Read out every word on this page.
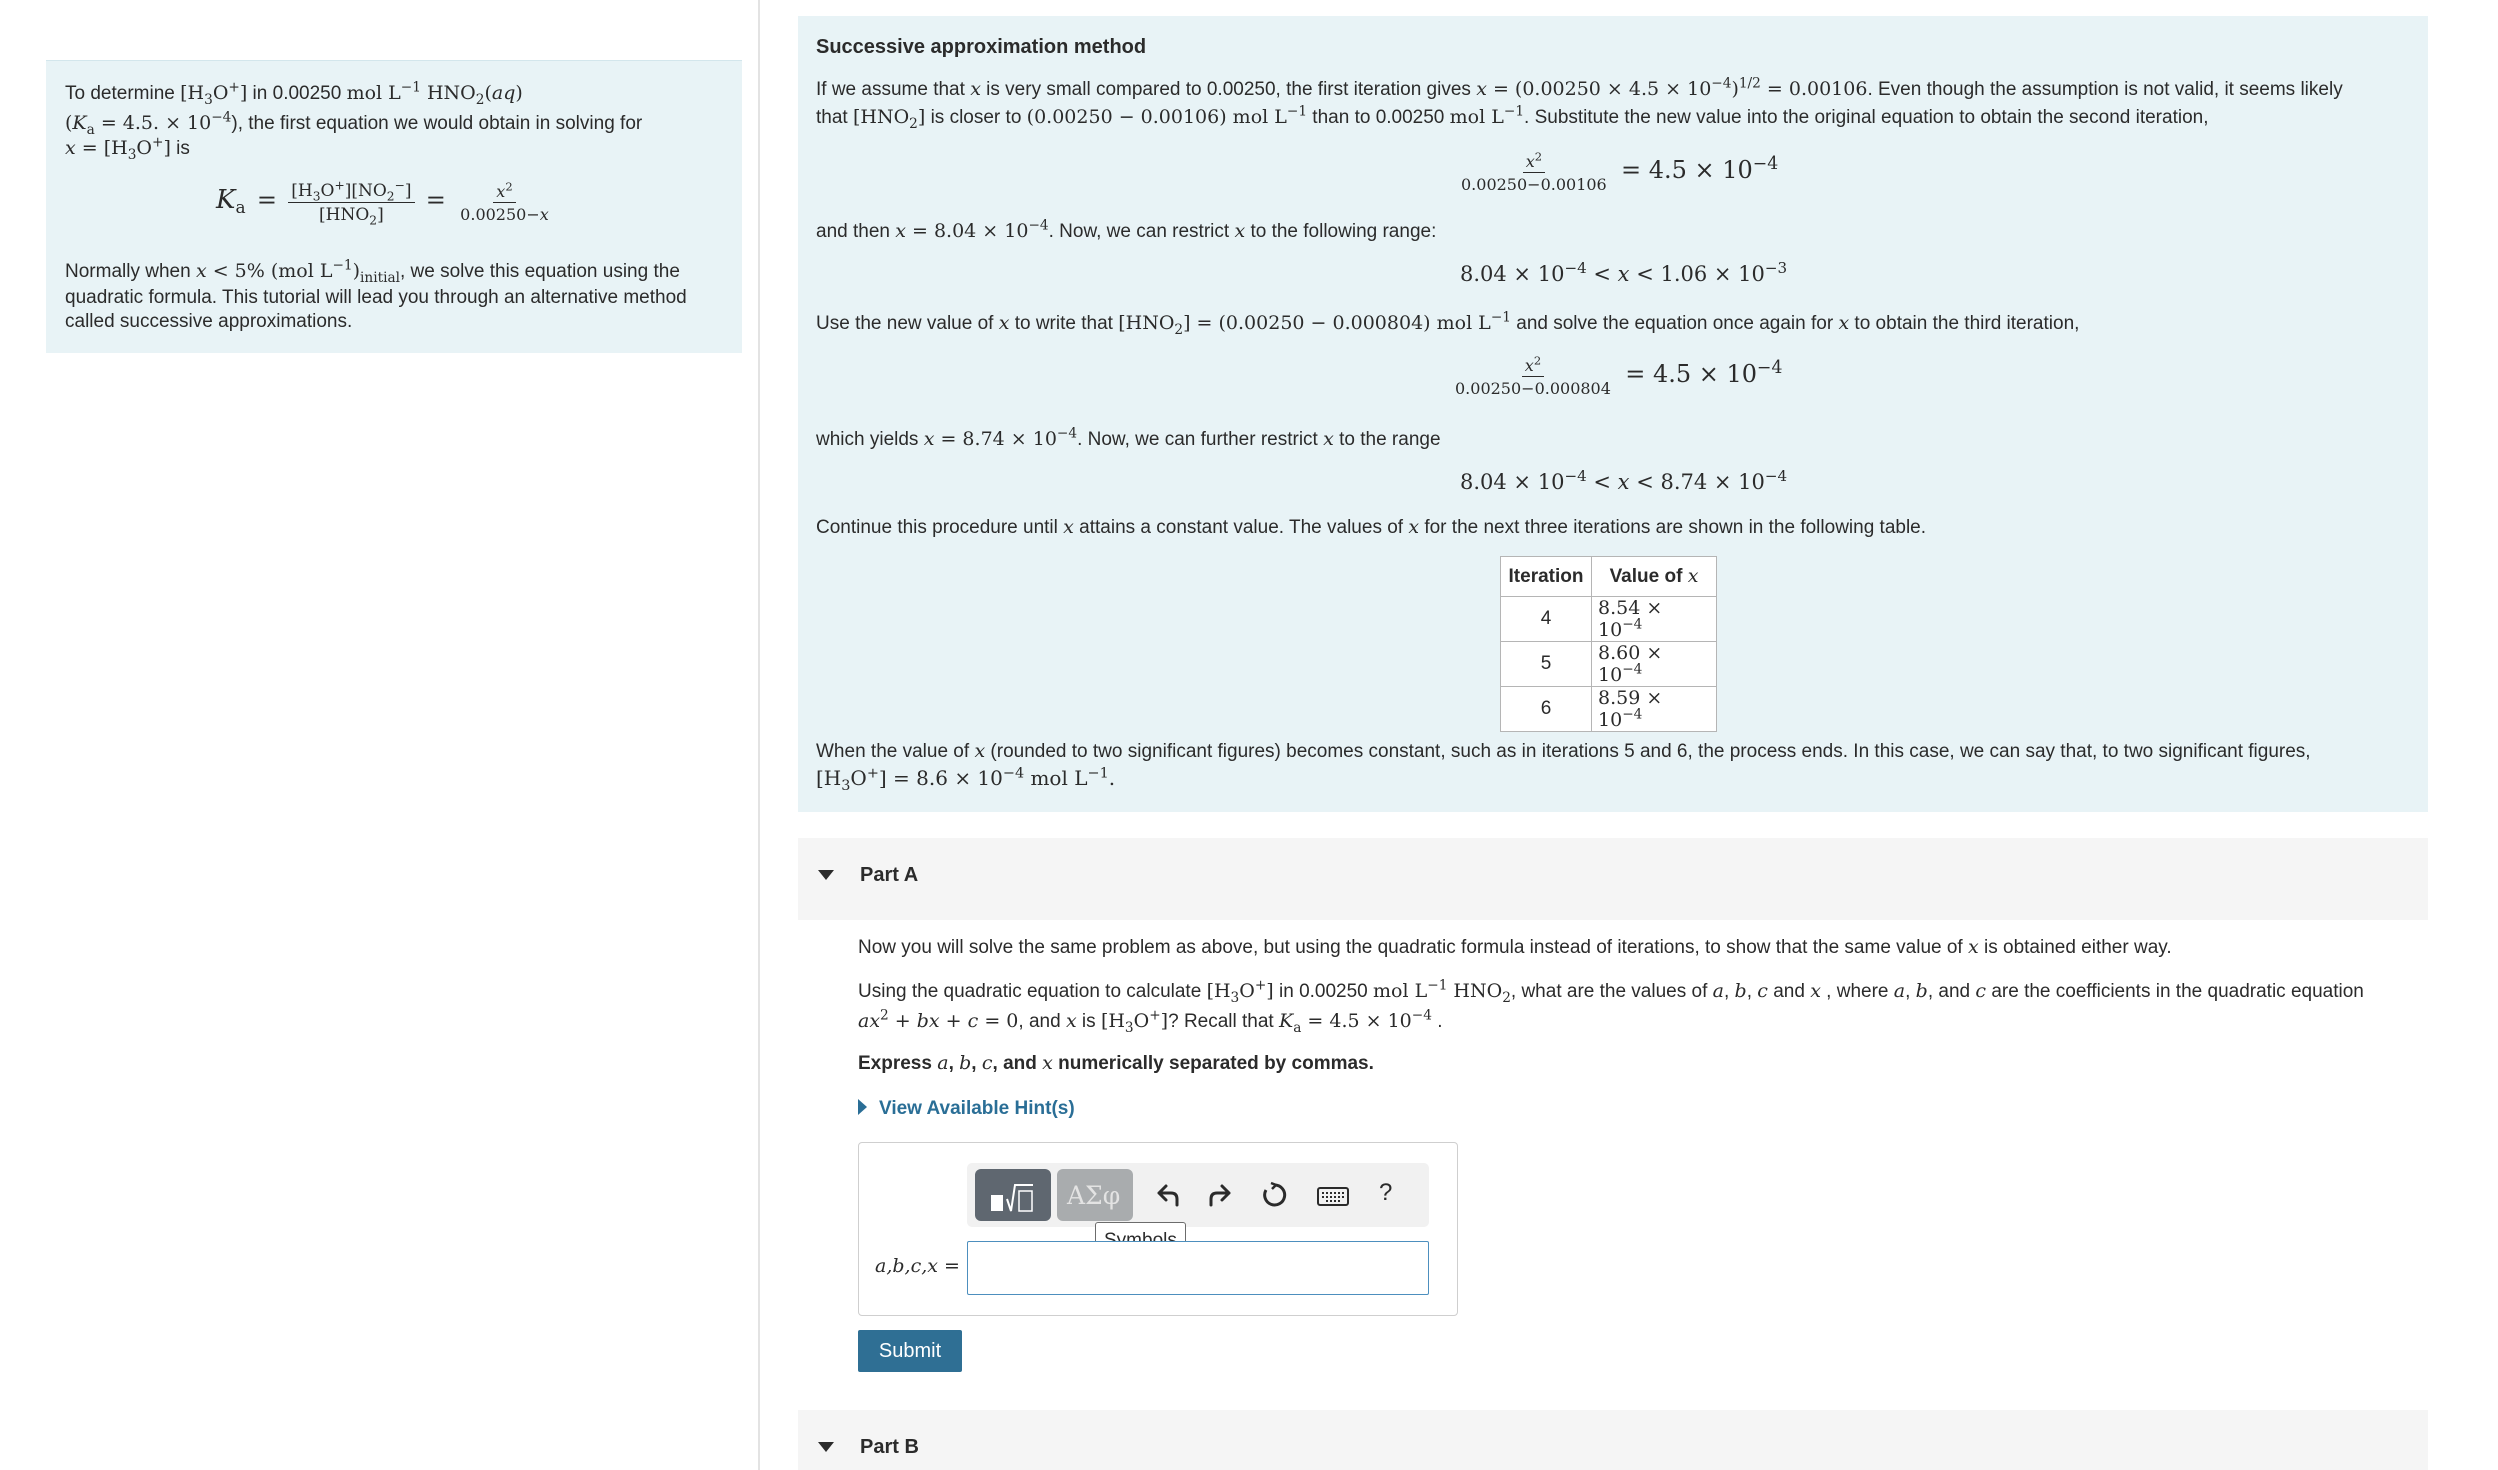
To determine $[H_3O^+]$ in 0.00250 mol $L^{-1}$ $HNO_2(aq)$
($K_a = 4.5$. × $10^{-4}$), the first equation we would obtain in solving for
$x = [H_3O^+]$ is
$K_a = \frac{[H_3O^+][NO_2^-]}{[HNO_2]} = \frac{x^2}{0.00250-x}$
Normally when x < 5% (mol $L^{-1})_{initial}$, we solve this equation using the
quadratic formula. This tutorial will lead you through an alternative method
called successive approximations.
Successive approximation method
If we assume that x is very small compared to 0.00250, the first iteration gives $x = (0.00250 \times 4.5 \times 10^{-4})^{1/2} = 0.00106$. Even though the assumption is not valid, it seems likely
that $[HNO_2]$ is closer to (0.00250 − 0.00106) mol $L^{-1}$ than to 0.00250 mol $L^{-1}$. Substitute the new value into the original equation to obtain the second iteration,
$\frac{x^2}{0.00250-0.00106} = 4.5 \times 10^{-4}$
and then $x = 8.04 \times 10^{-4}$. Now, we can restrict x to the following range:
$8.04 \times 10^{-4} < x < 1.06 \times 10^{-3}$
Use the new value of x to write that $[HNO_2] = (0.00250 - 0.000804)$ mol $L^{-1}$ and solve the equation once again for x to obtain the third iteration,
$\frac{x^2}{0.00250-0.000804} = 4.5 \times 10^{-4}$
which yields $x = 8.74 \times 10^{-4}$. Now, we can further restrict x to the range
$8.04 \times 10^{-4} < x < 8.74 \times 10^{-4}$
Continue this procedure until x attains a constant value. The values of x for the next three iterations are shown in the following table.
Iteration	Value of x
4	$8.54 \times 10^{-4}$
5	$8.60 \times 10^{-4}$
6	$8.59 \times 10^{-4}$
When the value of x (rounded to two significant figures) becomes constant, such as in iterations 5 and 6, the process ends. In this case, we can say that, to two significant figures,
$[H_3O^+] = 8.6 \times 10^{-4}$ mol $L^{-1}$.
Part A
Now you will solve the same problem as above, but using the quadratic formula instead of iterations, to show that the same value of x is obtained either way.
Using the quadratic equation to calculate $[H_3O^+]$ in 0.00250 mol $L^{-1}$ $HNO_2$, what are the values of a, b, c and x , where a, b, and c are the coefficients in the quadratic equation
$ax^2$ + bx + c = 0, and x is $[H_3O^+]$? Recall that $K_a = 4.5 \times 10^{-4}$ .
Express a, b, c, and x numerically separated by commas.
View Available Hint(s)
ΑΣφ	?
a,b,c,x =
Submit
Part B
